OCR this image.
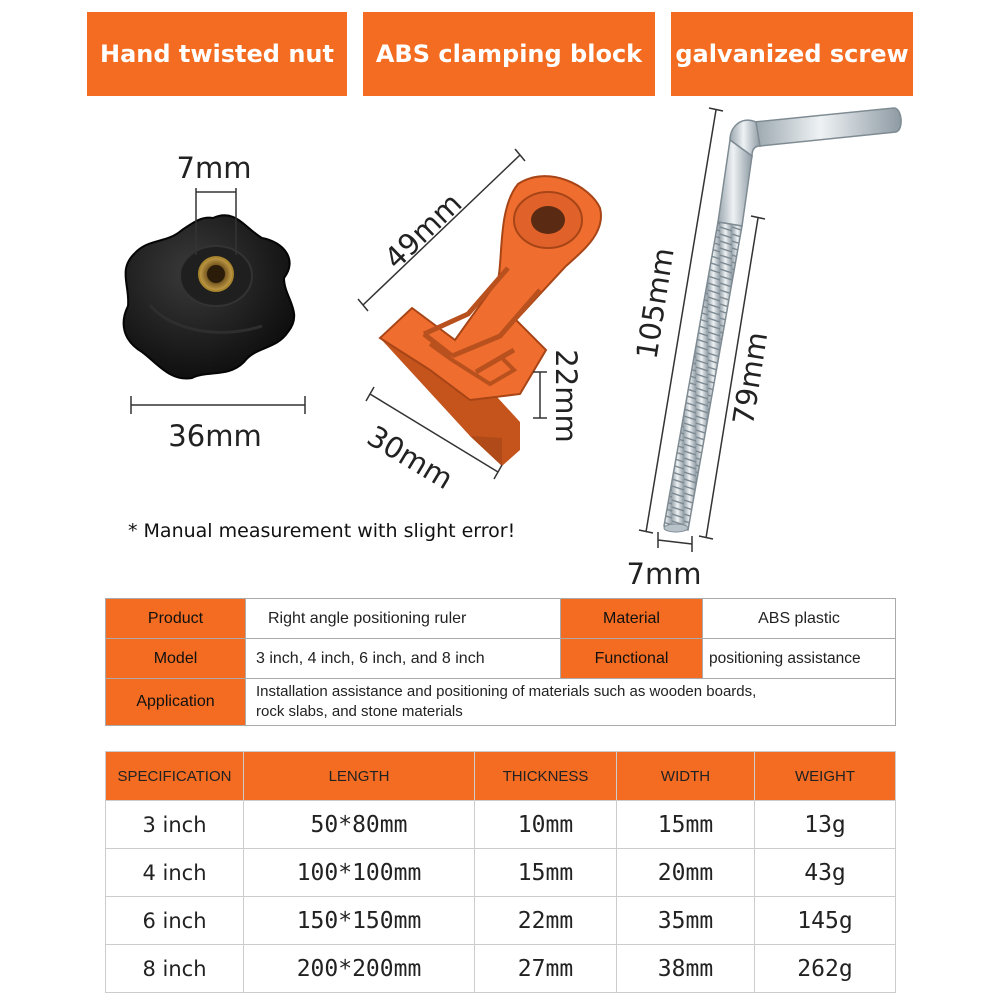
Hand twisted nut	ABS clamping block	galvanized screw
7mm
36mm
49mm
22mm
30mm
105mm
79mm
7mm
* Manual measurement with slight error!
Product	Right angle positioning ruler	Material	ABS plastic
Model	3 inch, 4 inch, 6 inch, and 8 inch	Functional	positioning assistance
Application	Installation assistance and positioning of materials such as wooden boards,
rock slabs, and stone materials		
SPECIFICATION	LENGTH	THICKNESS	WIDTH	WEIGHT
3 inch	50*80mm	10mm	15mm	13g
4 inch	100*100mm	15mm	20mm	43g
6 inch	150*150mm	22mm	35mm	145g
8 inch	200*200mm	27mm	38mm	262g
